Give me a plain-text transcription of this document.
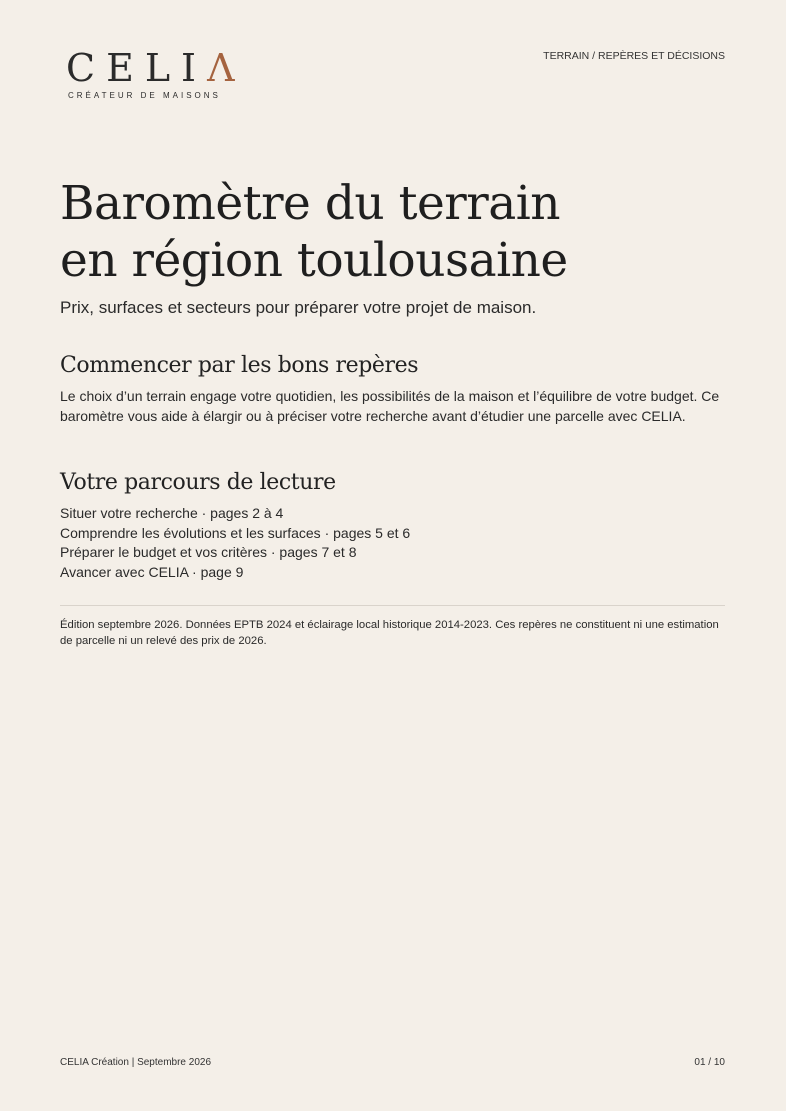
CELIΛ
CRÉATEUR DE MAISONS
TERRAIN / REPÈRES ET DÉCISIONS
Baromètre du terrain en région toulousaine

Prix, surfaces et secteurs pour préparer votre projet de maison.

Commencer par les bons repères

Le choix d’un terrain engage votre quotidien, les possibilités de la maison et l’équilibre de votre budget. Ce baromètre vous aide à élargir ou à préciser votre recherche avant d’étudier une parcelle avec CELIA.

Votre parcours de lecture
Situer votre recherche · pages 2 à 4
Comprendre les évolutions et les surfaces · pages 5 et 6
Préparer le budget et vos critères · pages 7 et 8
Avancer avec CELIA · page 9

Édition septembre 2026. Données EPTB 2024 et éclairage local historique 2014-2023. Ces repères ne constituent ni une estimation de parcelle ni un relevé des prix de 2026.

CELIA Création | Septembre 2026	01 / 10
